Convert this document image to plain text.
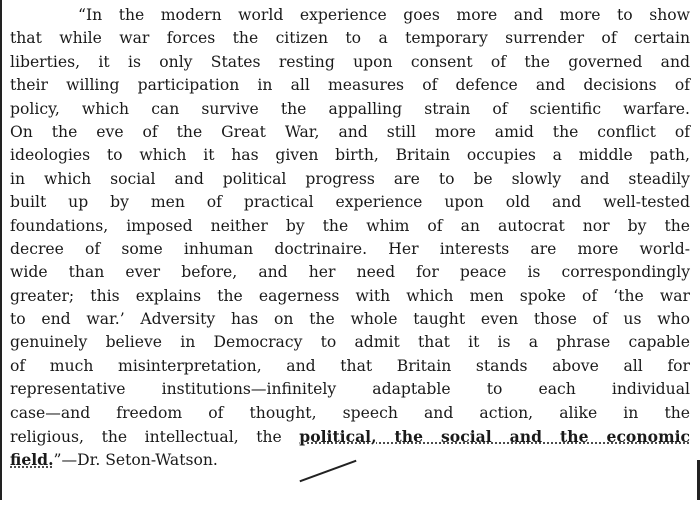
“In the modern world experience goes more and more to show
that while war forces the citizen to a temporary surrender of certain
liberties, it is only States resting upon consent of the governed and
their willing participation in all measures of defence and decisions of
policy, which can survive the appalling strain of scientific warfare.
On the eve of the Great War, and still more amid the conflict of
ideologies to which it has given birth, Britain occupies a middle path,
in which social and political progress are to be slowly and steadily
built up by men of practical experience upon old and well-tested
foundations, imposed neither by the whim of an autocrat nor by the
decree of some inhuman doctrinaire. Her interests are more world-
wide than ever before, and her need for peace is correspondingly
greater; this explains the eagerness with which men spoke of ‘the war
to end war.’ Adversity has on the whole taught even those of us who
genuinely believe in Democracy to admit that it is a phrase capable
of much misinterpretation, and that Britain stands above all for
representative institutions—infinitely adaptable to each individual
case—and freedom of thought, speech and action, alike in the
religious, the intellectual, the political, the social and the economic
field.”—Dr. Seton-Watson.
